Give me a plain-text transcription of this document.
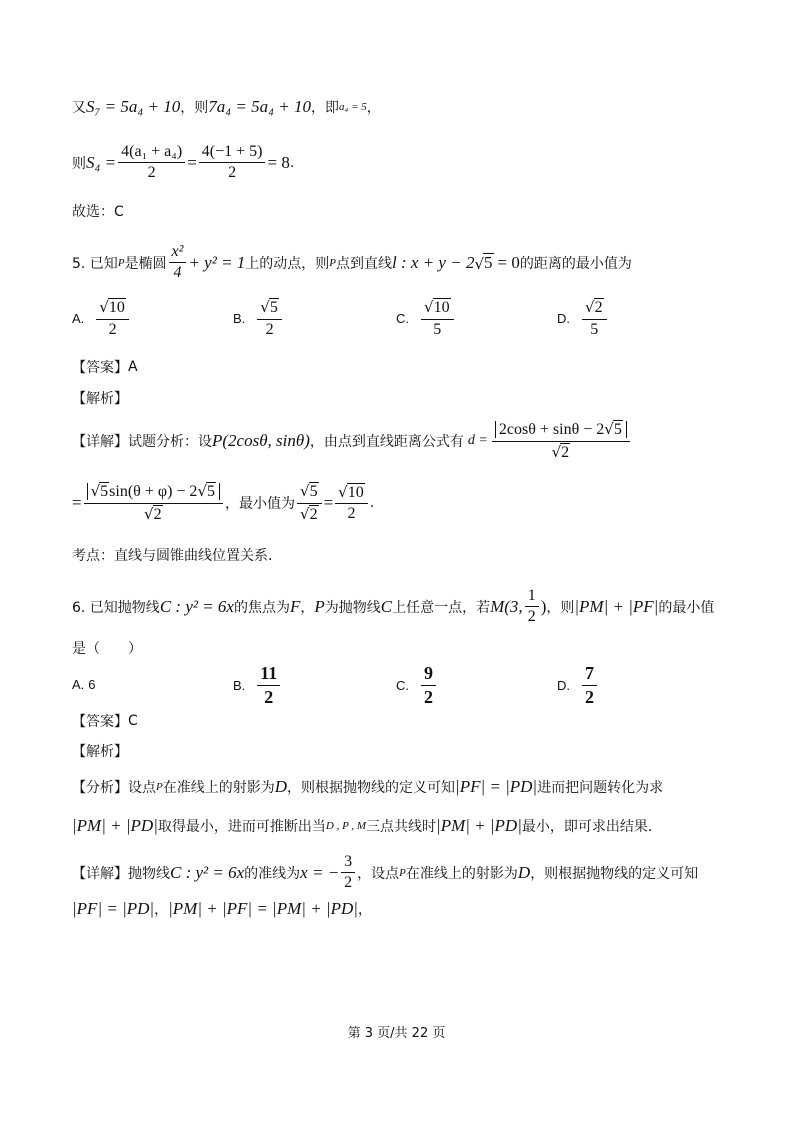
又 S₇ = 5a₄ + 10 ，则 7a₄ = 5a₄ + 10 ，即 a₄ = 5 ，
则 $S_4 = \frac{\text{4(a₁ + a₄)}}{2} = \frac{4(-1 + 5)}{2} = 8$ .
故选：C
5. 已知 P 是椭圆 $\frac{\text{x²}}{4} + y^2 = 1$ 上的动点，则 P 点到直线 l : x + y − 2 √ 5 = 0 的距离的最小值为
A. $\frac{√ 10}{2}$	B. $\frac{√ 5}{2}$	C. $\frac{√ 10}{5}$	D. $\frac{√ 2}{5}$
【答案】 A
【解析】
【详解】 试题分析：设 P(2cosθ, sinθ) ，由点到直线距离公式有 $d = \frac{2\cos\theta + \sin\theta - 2 √ 5}{√ 2}$
= $\frac{√ 5 \sin(\theta + \varphi) - 2 √ 5}{√ 2}$ ，最小值为 $\frac{√ 5}{√ 2} = \frac{√ 10}{2}$ .
考点：直线与圆锥曲线位置关系．
6. 已知抛物线 C : y² = 6x 的焦点为 F ， P 为抛物线 C 上任意一点，若 M(3, $\frac{1}{2}$ ) ，则 |PM| + |PF| 的最小值
是（　　）
A. 6	B. $\frac{11}{2}$	C. $\frac{9}{2}$	D. $\frac{7}{2}$
【答案】 C
【解析】
【分析】 设点 P 在准线上的射影为 D ，则根据抛物线的定义可知 |PF| = |PD| 进而把问题转化为求
|PM| + |PD| 取得最小，进而可推断出当 D , P , M 三点共线时 |PM| + |PD| 最小，即可求出结果．
【详解】 抛物线 C : y² = 6x 的准线为 x = − $\frac{3}{2}$ ，设点 P 在准线上的射影为 D ，则根据抛物线的定义可知
|PF| = |PD| ， |PM| + |PF| = |PM| + |PD| ，
第 3 页/共 22 页
